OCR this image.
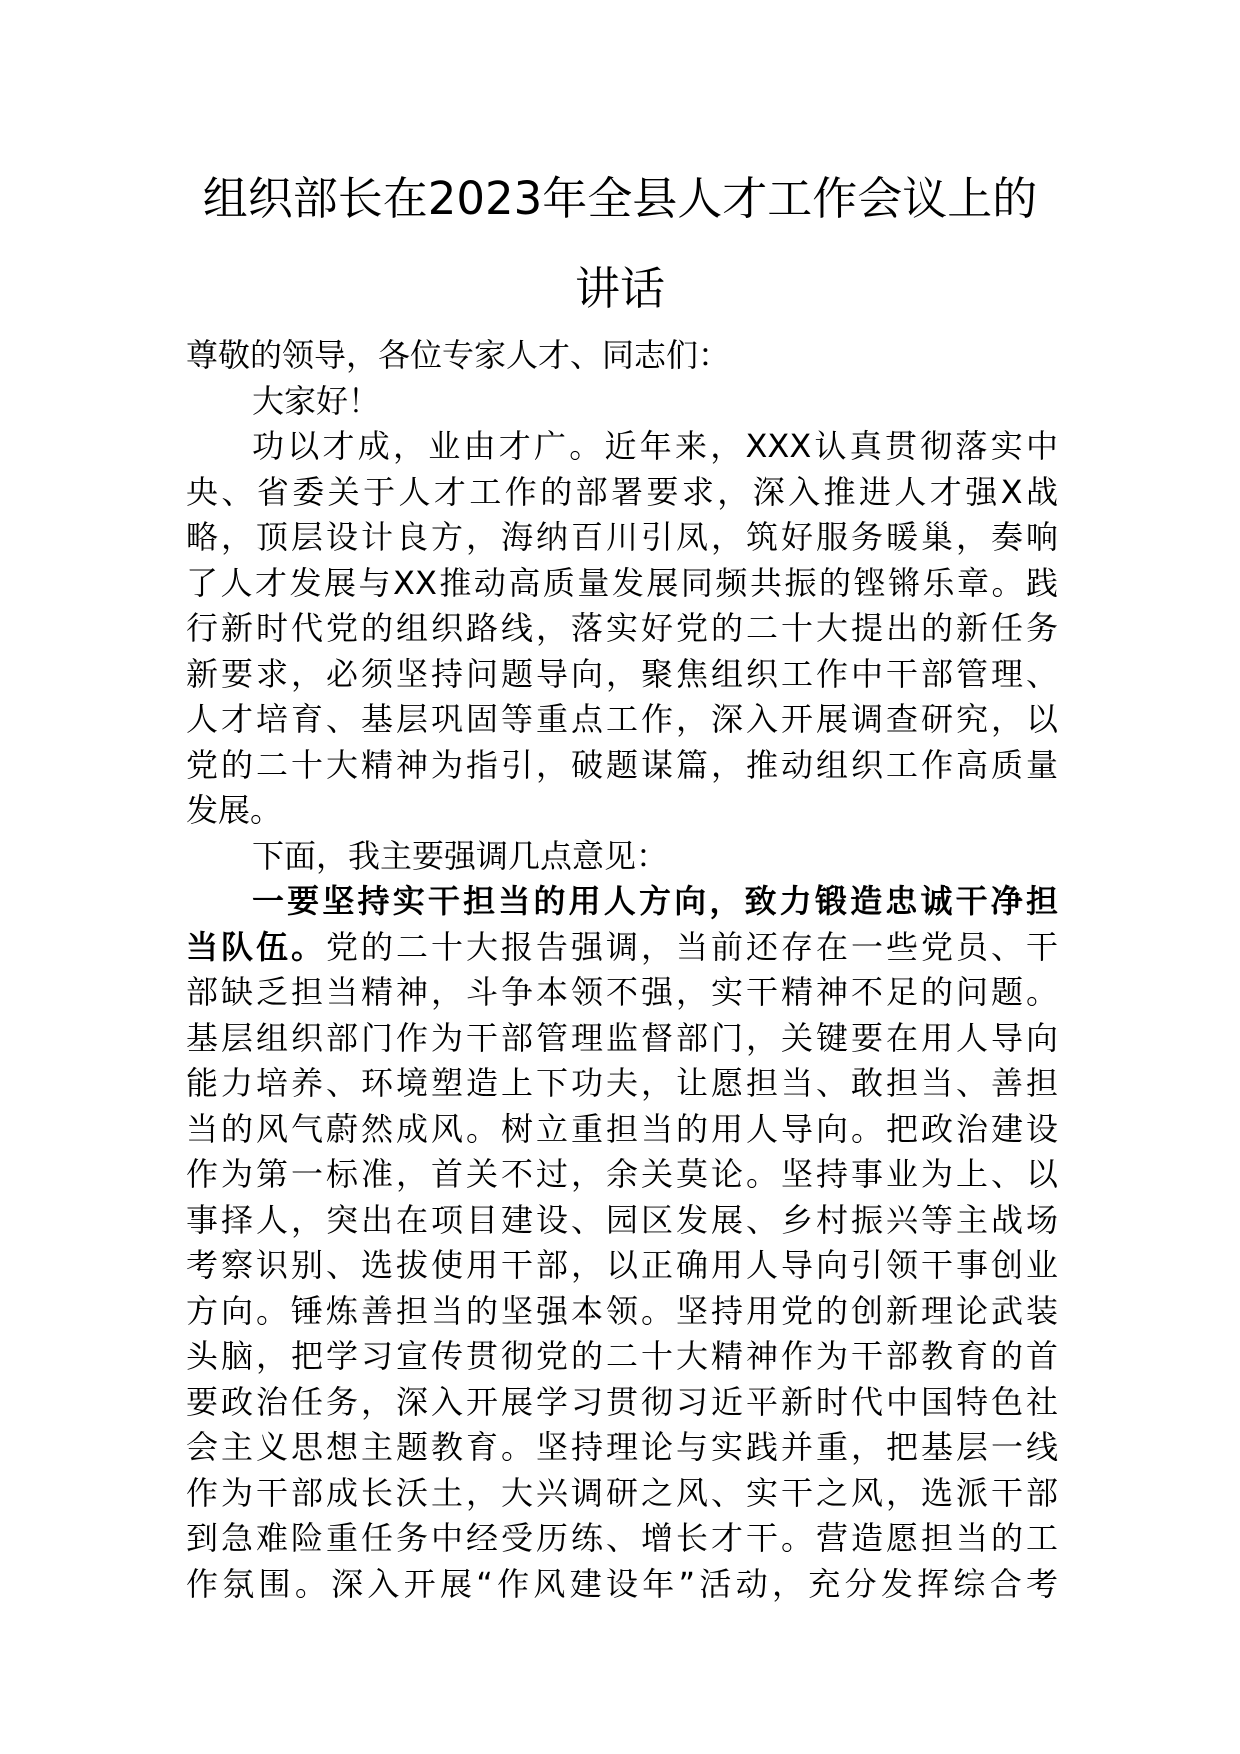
组织部长在2023年全县人才工作会议上的
讲话
尊敬的领导，各位专家人才、同志们：
大家好！
功以才成，业由才广。近年来，XXX认真贯彻落实中
央、省委关于人才工作的部署要求，深入推进人才强X战
略，顶层设计良方，海纳百川引凤，筑好服务暖巢，奏响
了人才发展与XX推动高质量发展同频共振的铿锵乐章。践
行新时代党的组织路线，落实好党的二十大提出的新任务
新要求，必须坚持问题导向，聚焦组织工作中干部管理、
人才培育、基层巩固等重点工作，深入开展调查研究，以
党的二十大精神为指引，破题谋篇，推动组织工作高质量
发展。
下面，我主要强调几点意见：
一要坚持实干担当的用人方向，致力锻造忠诚干净担
当队伍。党的二十大报告强调，当前还存在一些党员、干
部缺乏担当精神，斗争本领不强，实干精神不足的问题。
基层组织部门作为干部管理监督部门，关键要在用人导向
能力培养、环境塑造上下功夫，让愿担当、敢担当、善担
当的风气蔚然成风。树立重担当的用人导向。把政治建设
作为第一标准，首关不过，余关莫论。坚持事业为上、以
事择人，突出在项目建设、园区发展、乡村振兴等主战场
考察识别、选拔使用干部，以正确用人导向引领干事创业
方向。锤炼善担当的坚强本领。坚持用党的创新理论武装
头脑，把学习宣传贯彻党的二十大精神作为干部教育的首
要政治任务，深入开展学习贯彻习近平新时代中国特色社
会主义思想主题教育。坚持理论与实践并重，把基层一线
作为干部成长沃土，大兴调研之风、实干之风，选派干部
到急难险重任务中经受历练、增长才干。营造愿担当的工
作氛围。深入开展“作风建设年”活动，充分发挥综合考
